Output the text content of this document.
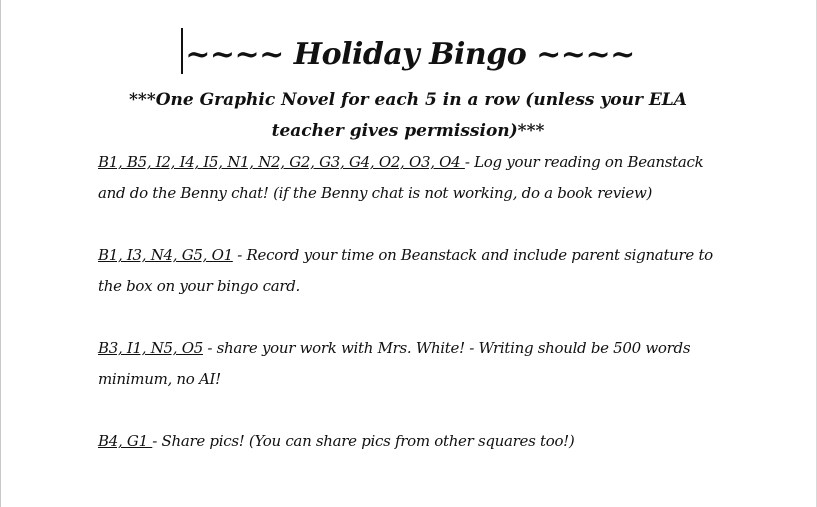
~~~~ Holiday Bingo ~~~~

***One Graphic Novel for each 5 in a row (unless your ELA teacher gives permission)***

B1, B5, I2, I4, I5, N1, N2, G2, G3, G4, O2, O3, O4 - Log your reading on Beanstack and do the Benny chat! (if the Benny chat is not working, do a book review)

B1, I3, N4, G5, O1 - Record your time on Beanstack and include parent signature to the box on your bingo card.

B3, I1, N5, O5 - share your work with Mrs. White! - Writing should be 500 words minimum, no AI!

B4, G1 - Share pics! (You can share pics from other squares too!)
